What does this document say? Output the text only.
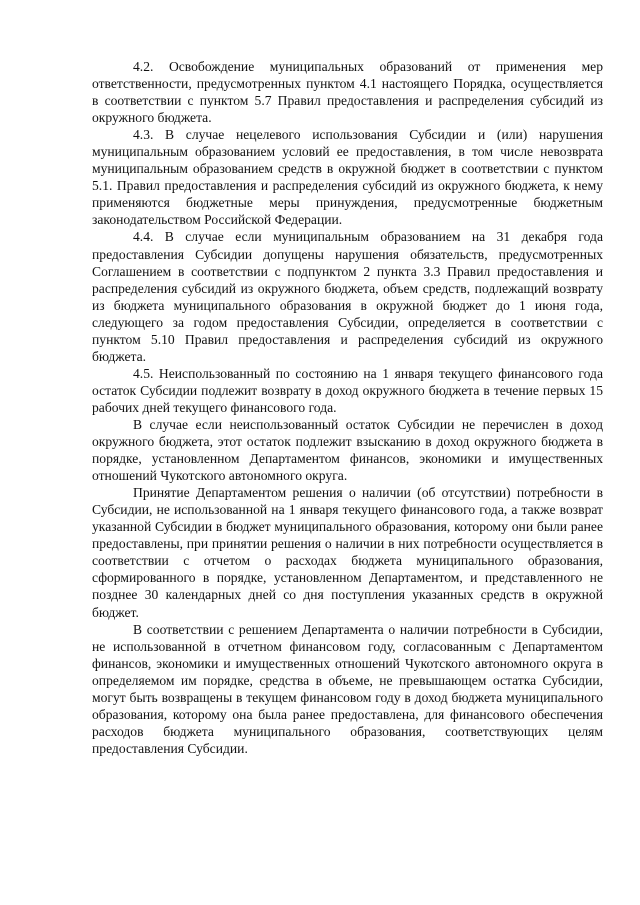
4.2. Освобождение муниципальных образований от применения мер ответственности, предусмотренных пунктом 4.1 настоящего Порядка, осуществляется в соответствии с пунктом 5.7 Правил предоставления и распределения субсидий из окружного бюджета.

4.3. В случае нецелевого использования Субсидии и (или) нарушения муниципальным образованием условий ее предоставления, в том числе невозврата муниципальным образованием средств в окружной бюджет в соответствии с пунктом 5.1. Правил предоставления и распределения субсидий из окружного бюджета, к нему применяются бюджетные меры принуждения, предусмотренные бюджетным законодательством Российской Федерации.

4.4. В случае если муниципальным образованием на 31 декабря года предоставления Субсидии допущены нарушения обязательств, предусмотренных Соглашением в соответствии с подпунктом 2 пункта 3.3 Правил предоставления и распределения субсидий из окружного бюджета, объем средств, подлежащий возврату из бюджета муниципального образования в окружной бюджет до 1 июня года, следующего за годом предоставления Субсидии, определяется в соответствии с пунктом 5.10 Правил предоставления и распределения субсидий из окружного бюджета.

4.5. Неиспользованный по состоянию на 1 января текущего финансового года остаток Субсидии подлежит возврату в доход окружного бюджета в течение первых 15 рабочих дней текущего финансового года.

В случае если неиспользованный остаток Субсидии не перечислен в доход окружного бюджета, этот остаток подлежит взысканию в доход окружного бюджета в порядке, установленном Департаментом финансов, экономики и имущественных отношений Чукотского автономного округа.

Принятие Департаментом решения о наличии (об отсутствии) потребности в Субсидии, не использованной на 1 января текущего финансового года, а также возврат указанной Субсидии в бюджет муниципального образования, которому они были ранее предоставлены, при принятии решения о наличии в них потребности осуществляется в соответствии с отчетом о расходах бюджета муниципального образования, сформированного в порядке, установленном Департаментом, и представленного не позднее 30 календарных дней со дня поступления указанных средств в окружной бюджет.

В соответствии с решением Департамента о наличии потребности в Субсидии, не использованной в отчетном финансовом году, согласованным с Департаментом финансов, экономики и имущественных отношений Чукотского автономного округа в определяемом им порядке, средства в объеме, не превышающем остатка Субсидии, могут быть возвращены в текущем финансовом году в доход бюджета муниципального образования, которому она была ранее предоставлена, для финансового обеспечения расходов бюджета муниципального образования, соответствующих целям предоставления Субсидии.
